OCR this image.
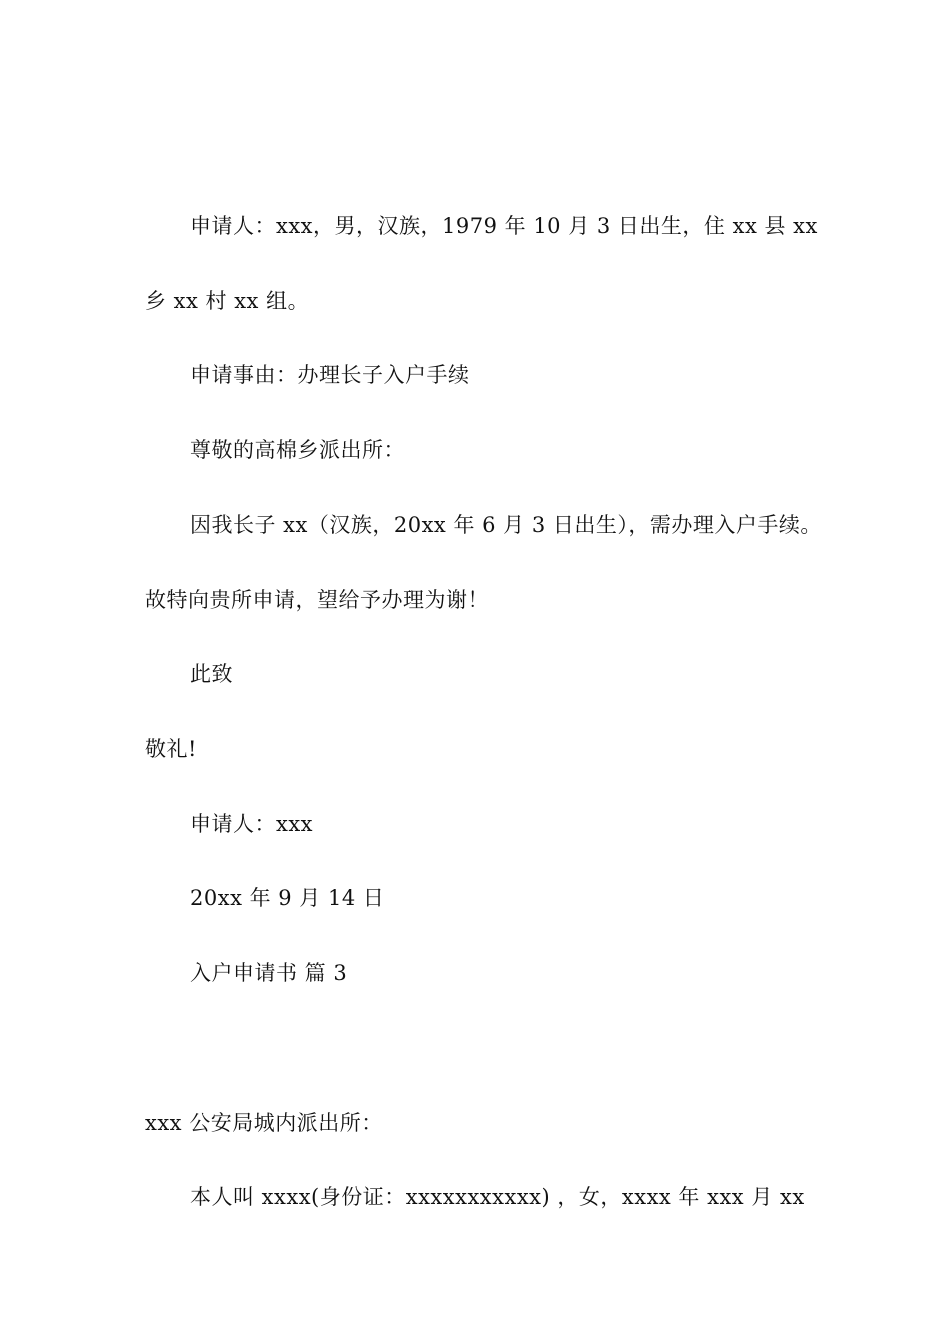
申请人：xxx，男，汉族，1979 年 10 月 3 日出生，住 xx 县 xx
乡 xx 村 xx 组。
申请事由：办理长子入户手续
尊敬的高棉乡派出所：
因我长子 xx（汉族，20xx 年 6 月 3 日出生），需办理入户手续。
故特向贵所申请，望给予办理为谢！
此致
敬礼!
申请人：xxx
20xx 年 9 月 14 日
入户申请书 篇 3
xxx 公安局城内派出所：
本人叫 xxxx(身份证：xxxxxxxxxxx) ，女，xxxx 年 xxx 月 xx
